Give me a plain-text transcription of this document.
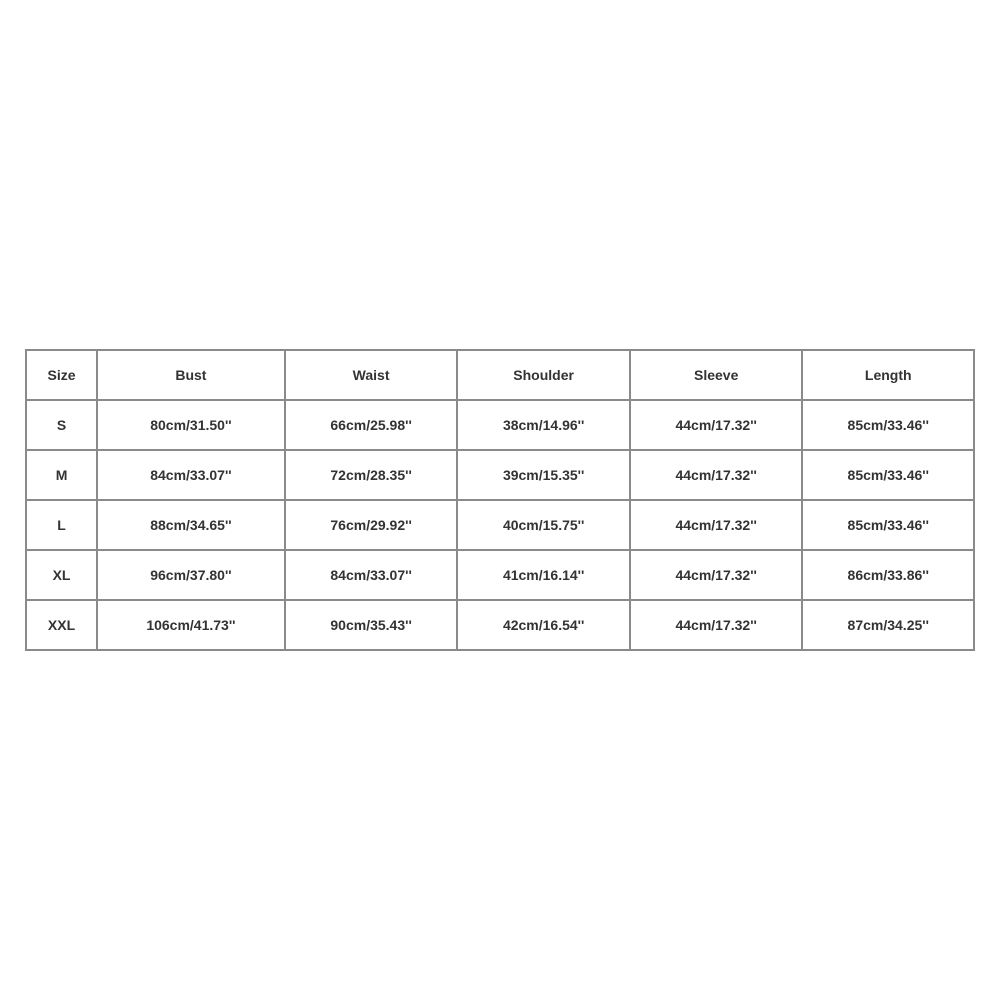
Size	Bust	Waist	Shoulder	Sleeve	Length
S	80cm/31.50''	66cm/25.98''	38cm/14.96''	44cm/17.32''	85cm/33.46''
M	84cm/33.07''	72cm/28.35''	39cm/15.35''	44cm/17.32''	85cm/33.46''
L	88cm/34.65''	76cm/29.92''	40cm/15.75''	44cm/17.32''	85cm/33.46''
XL	96cm/37.80''	84cm/33.07''	41cm/16.14''	44cm/17.32''	86cm/33.86''
XXL	106cm/41.73''	90cm/35.43''	42cm/16.54''	44cm/17.32''	87cm/34.25''
